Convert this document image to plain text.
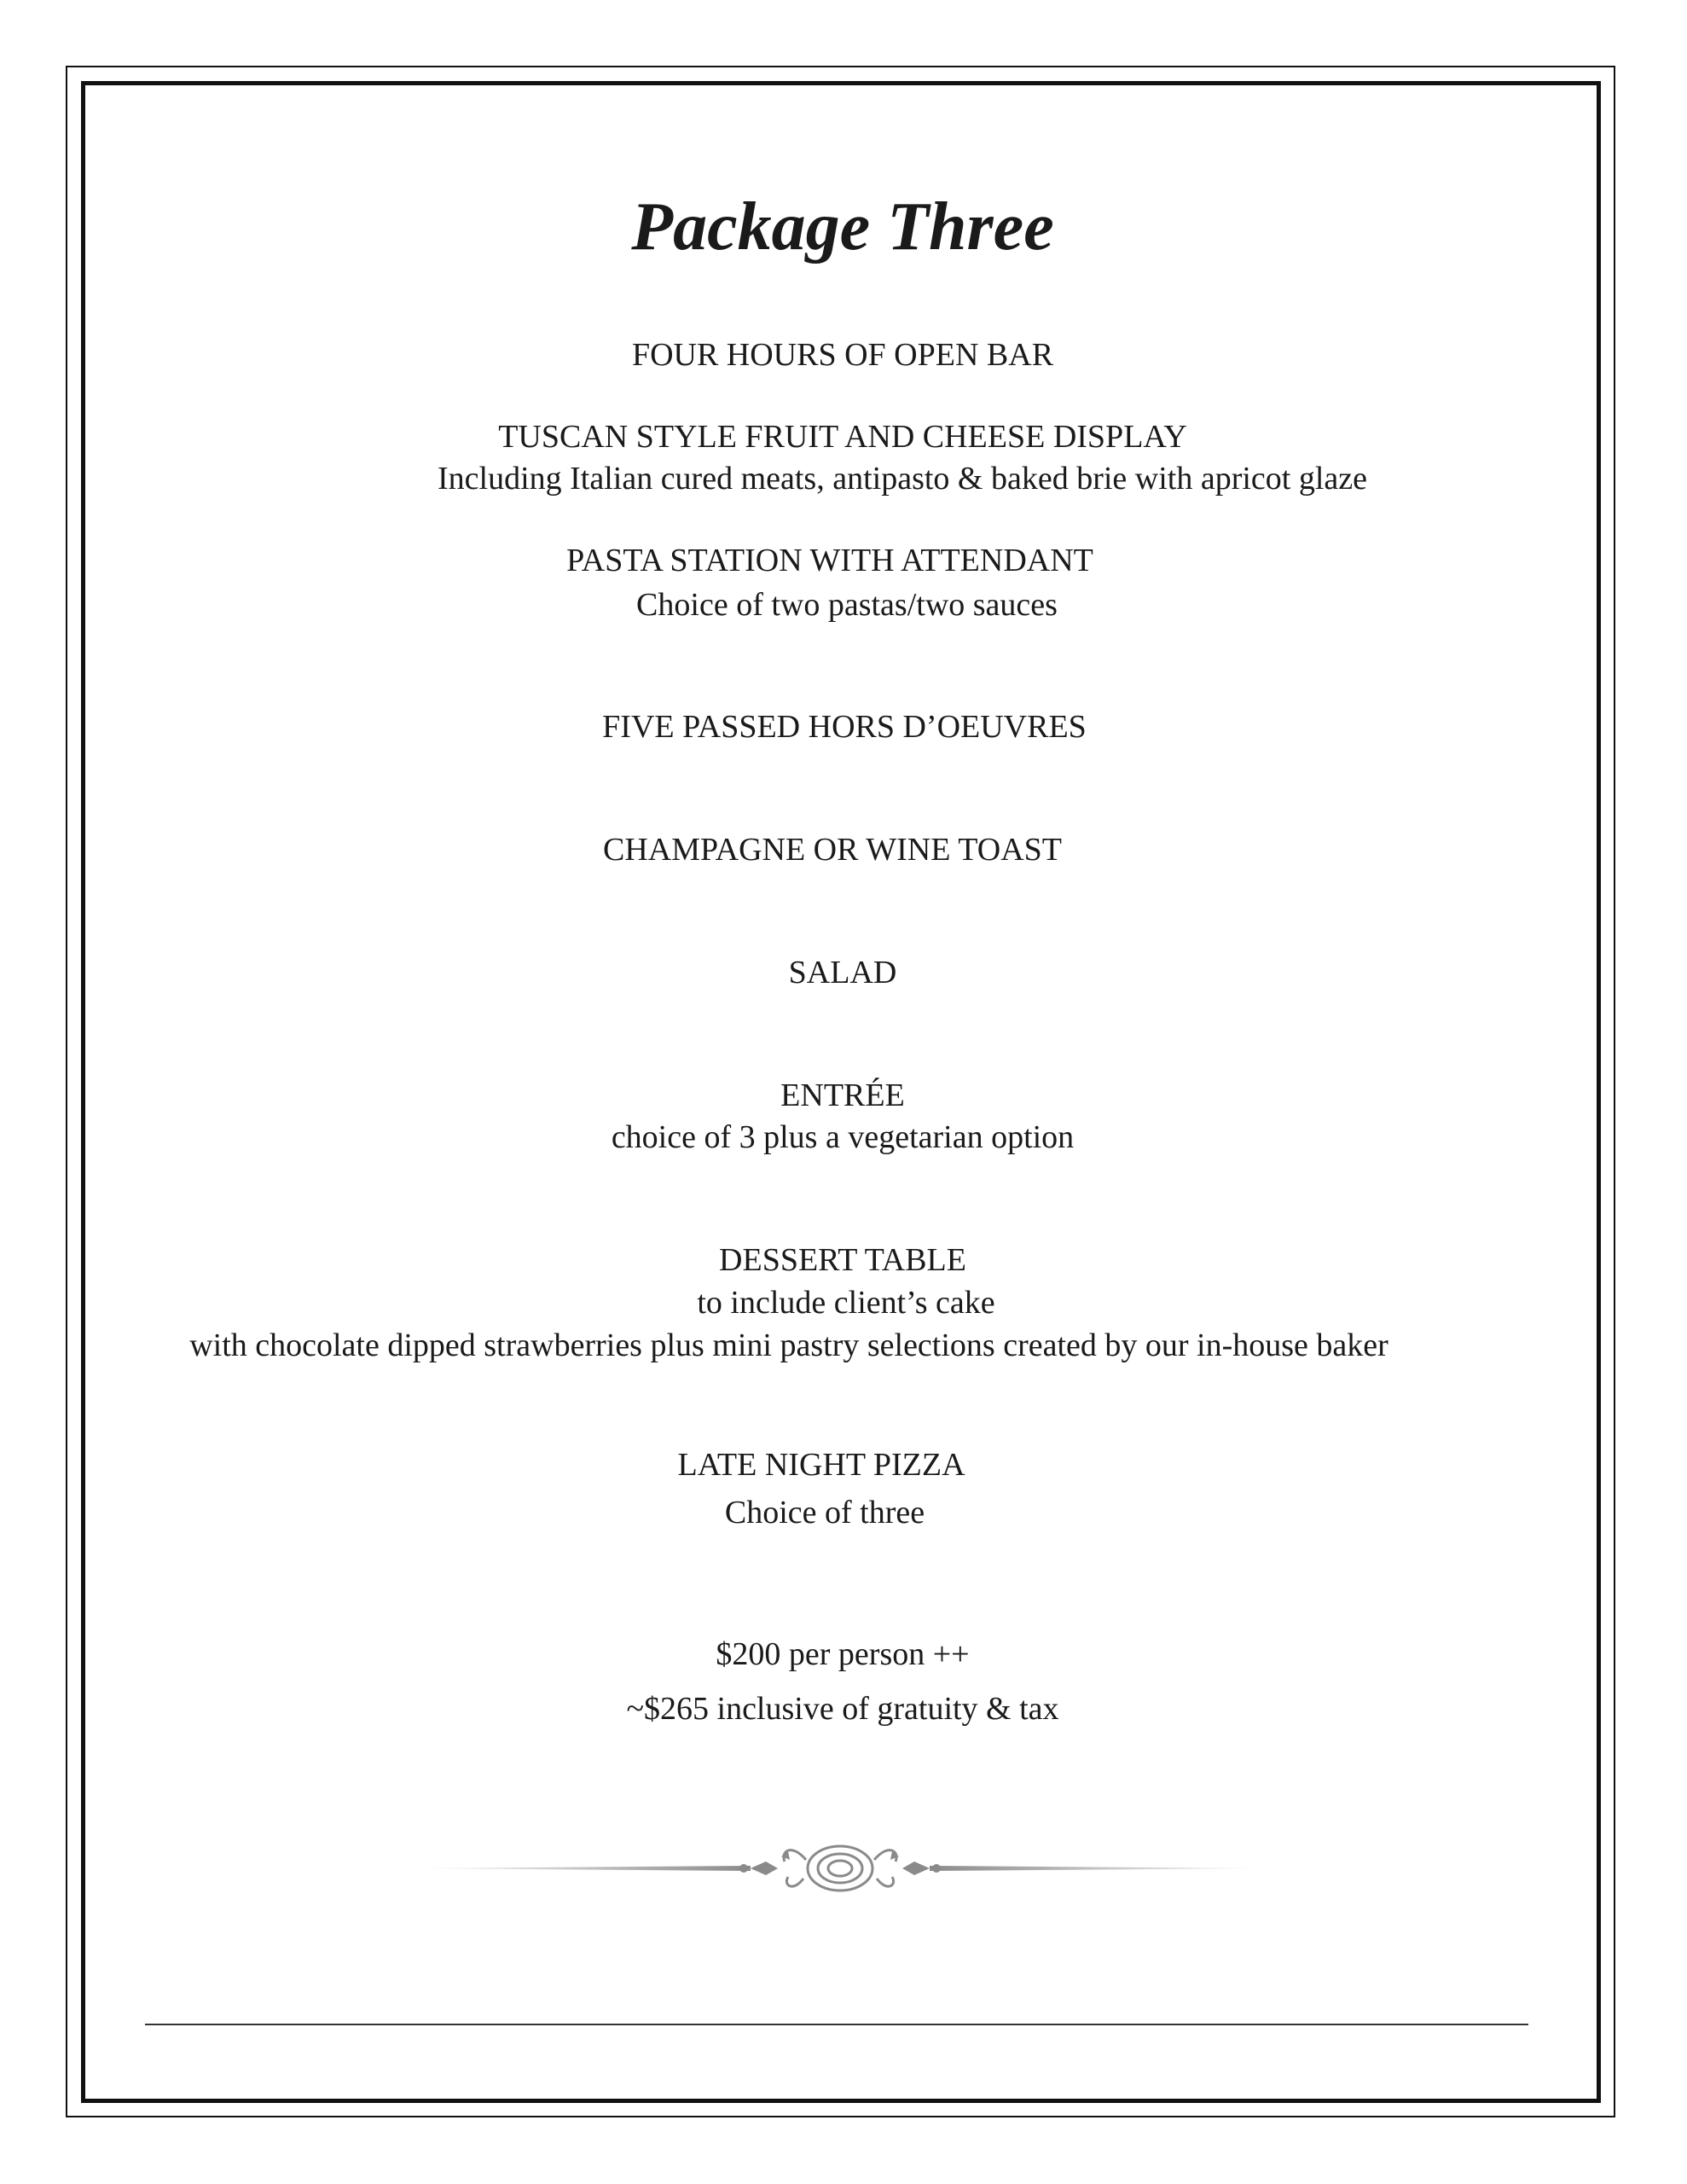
Package Three
FOUR HOURS OF OPEN BAR
TUSCAN STYLE FRUIT AND CHEESE DISPLAY
Including Italian cured meats, antipasto & baked brie with apricot glaze
PASTA STATION WITH ATTENDANT
Choice of two pastas/two sauces
FIVE PASSED HORS D’OEUVRES
CHAMPAGNE OR WINE TOAST
SALAD
ENTRÉE
choice of 3 plus a vegetarian option
DESSERT TABLE
to include client’s cake
with chocolate dipped strawberries plus mini pastry selections created by our in-house baker
LATE NIGHT PIZZA
Choice of three
$200 per person ++
~$265 inclusive of gratuity & tax
